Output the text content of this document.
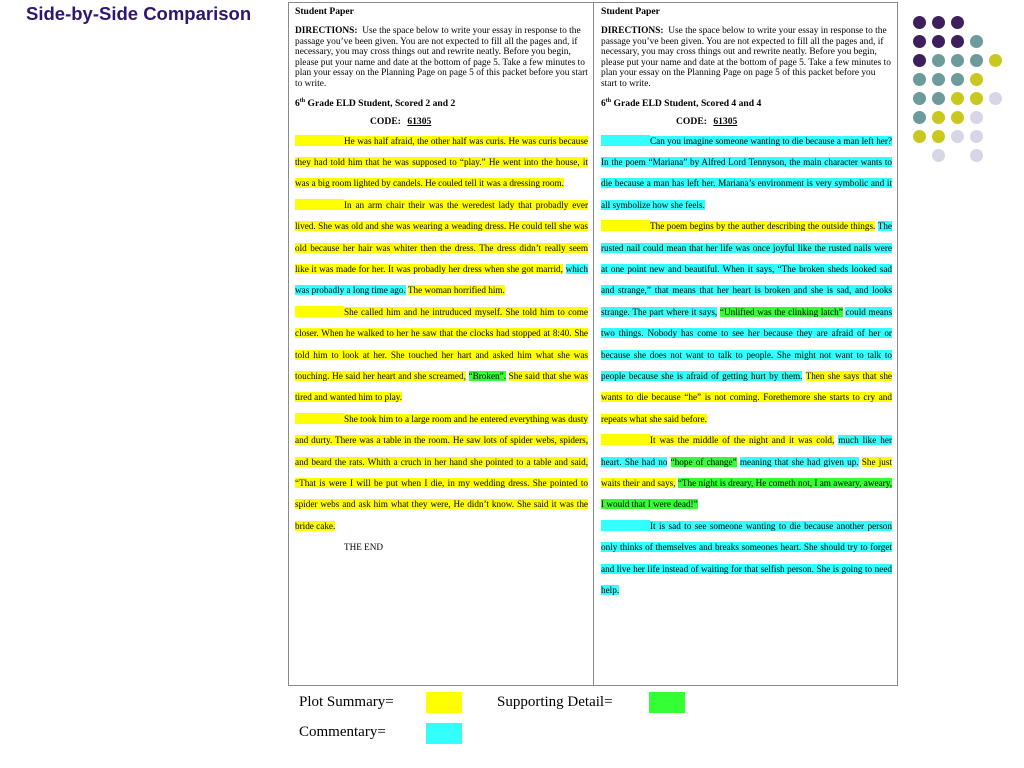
Side-by-Side Comparison	Student Paper
DIRECTIONS: Use the space below to write your essay in response to the passage you’ve been given. You are not expected to fill all the pages and, if necessary, you may cross things out and rewrite neatly. Before you begin, please put your name and date at the bottom of page 5. Take a few minutes to plan your essay on the Planning Page on page 5 of this packet before you start to write.
6th Grade ELD Student, Scored 2 and 2
CODE: 61305

He was half afraid, the other half was curis. He was curis because they had told him that he was supposed to “play.” He went into the house, it was a big room lighted by candels. He couled tell it was a dressing room.

In an arm chair their was the weredest lady that probadly ever lived. She was old and she was wearing a weading dress. He could tell she was old because her hair was whiter then the dress. The dress didn’t really seem like it was made for her. It was probadly her dress when she got marrid, which was probadly a long time ago. The woman horrified him.

She called him and he intruduced myself. She told him to come closer. When he walked to her he saw that the clocks had stopped at 8:40. She told him to look at her. She touched her hart and asked him what she was touching. He said her heart and she screamed, “Broken”. She said that she was tired and wanted him to play.

She took him to a large room and he entered everything was dusty and durty. There was a table in the room. He saw lots of spider webs, spiders, and beard the rats. Whith a cruch in her hand she pointed to a table and said, “That is were I will be put when I die, in my wedding dress. She pointed to spider webs and ask him what they were, He didn’t know. She said it was the bride cake.

THE END

Student Paper
DIRECTIONS: Use the space below to write your essay in response to the passage you’ve been given. You are not expected to fill all the pages and, if necessary, you may cross things out and rewrite neatly. Before you begin, please put your name and date at the bottom of page 5. Take a few minutes to plan your essay on the Planning Page on page 5 of this packet before you start to write.
6th Grade ELD Student, Scored 4 and 4
CODE: 61305

Can you imagine someone wanting to die because a man left her? In the poem “Mariana” by Alfred Lord Tennyson, the main character wants to die because a man has left her. Mariana’s environment is very symbolic and it all symbolize how she feels.

The poem begins by the auther describing the outside things. The rusted nail could mean that her life was once joyful like the rusted nails were at one point new and beautiful. When it says, “The broken sheds looked sad and strange,” that means that her heart is broken and she is sad, and looks strange. The part where it says, “Unlifted was the clinking latch” could means two things. Nobody has come to see her because they are afraid of her or because she does not want to talk to people. She might not want to talk to people because she is afraid of getting hurt by them. Then she says that she wants to die because “he” is not coming. Forethemore she starts to cry and repeats what she said before.

It was the middle of the night and it was cold, much like her heart. She had no “hope of change” meaning that she had given up. She just waits their and says, “The night is dreary, He cometh not, I am aweary, aweary, I would that I were dead!”

It is sad to see someone wanting to die because another person only thinks of themselves and breaks someones heart. She should try to forget and live her life instead of waiting for that selfish person. She is going to need help.

Plot Summary=	Supporting Detail=
Commentary=
